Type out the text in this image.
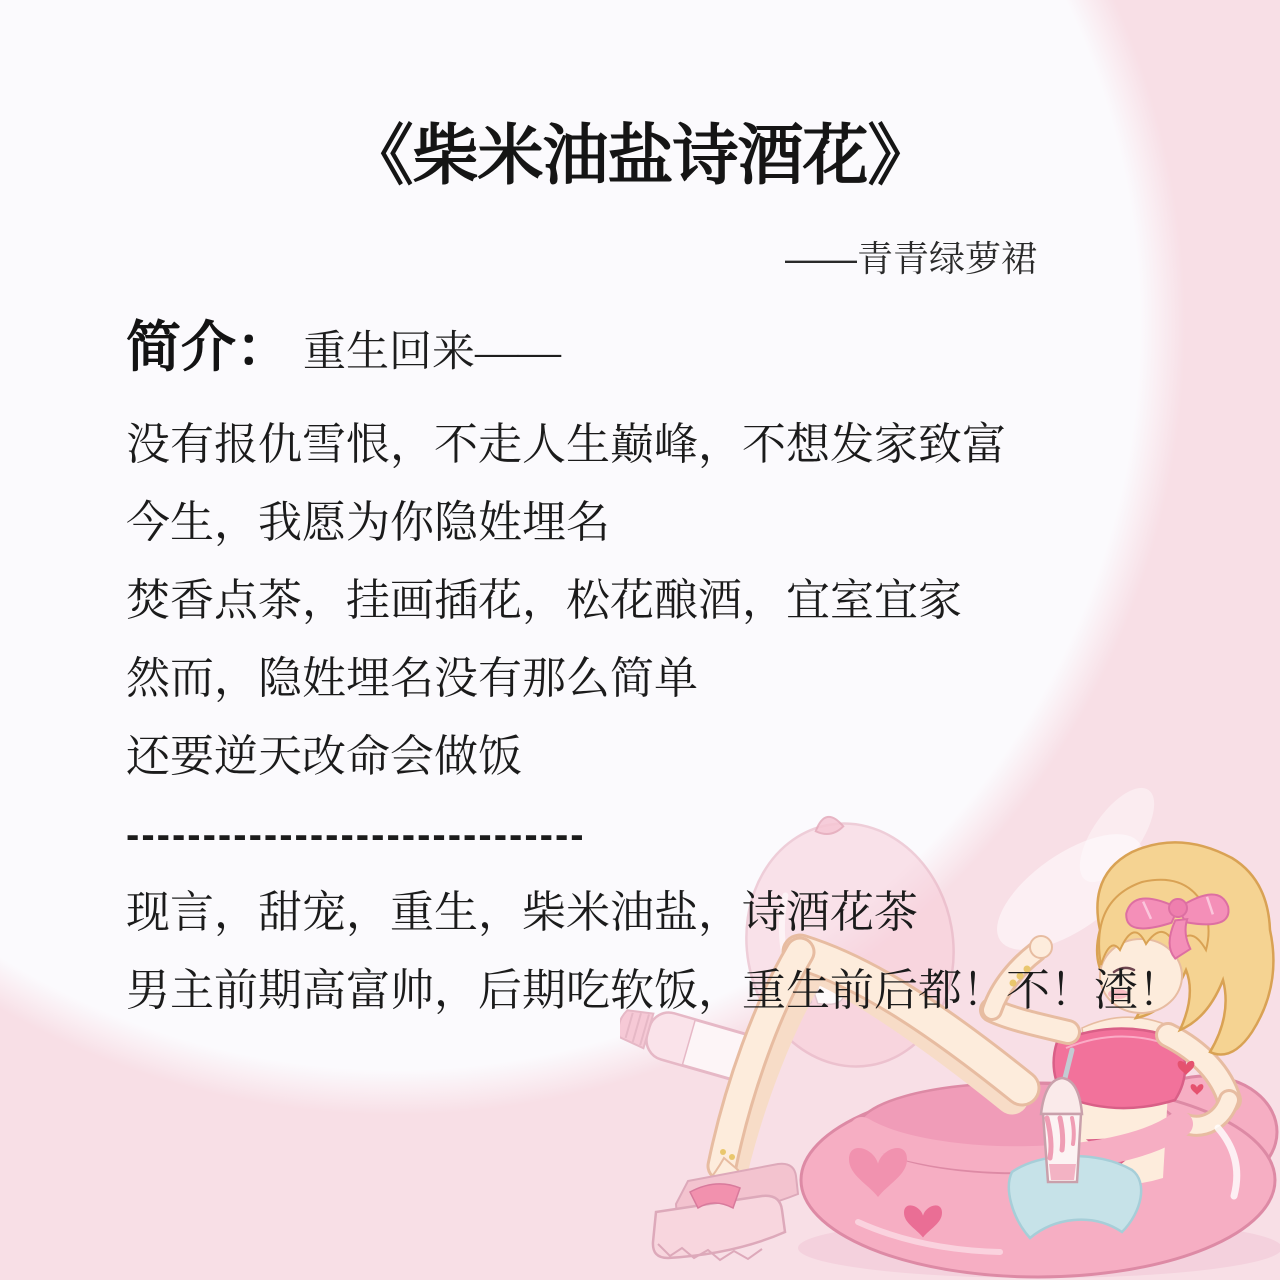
《柴米油盐诗酒花》
——青青绿萝裙
简介： 重生回来——
没有报仇雪恨，不走人生巅峰，不想发家致富
今生，我愿为你隐姓埋名
焚香点茶，挂画插花，松花酿酒，宜室宜家
然而，隐姓埋名没有那么简单
还要逆天改命会做饭
------------------------------
现言，甜宠，重生，柴米油盐，诗酒花茶
男主前期高富帅，后期吃软饭，重生前后都！不！渣！
